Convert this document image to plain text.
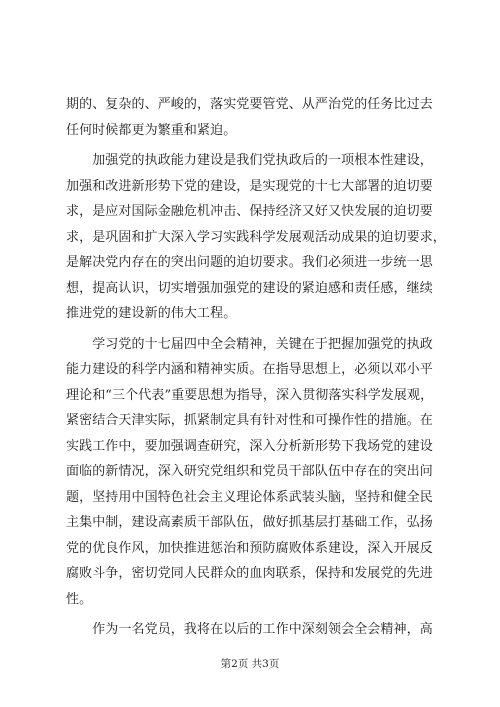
期的、复杂的、严峻的，落实党要管党、从严治党的任务比过去
任何时候都更为繁重和紧迫。

　　加强党的执政能力建设是我们党执政后的一项根本性建设，
加强和改进新形势下党的建设，是实现党的十七大部署的迫切要
求，是应对国际金融危机冲击、保持经济又好又快发展的迫切要
求，是巩固和扩大深入学习实践科学发展观活动成果的迫切要求，
是解决党内存在的突出问题的迫切要求。我们必须进一步统一思
想，提高认识，切实增强加强党的建设的紧迫感和责任感，继续
推进党的建设新的伟大工程。

　　学习党的十七届四中全会精神，关键在于把握加强党的执政
能力建设的科学内涵和精神实质。在指导思想上，必须以邓小平
理论和“三个代表”重要思想为指导，深入贯彻落实科学发展观，
紧密结合天津实际，抓紧制定具有针对性和可操作性的措施。在
实践工作中，要加强调查研究，深入分析新形势下我场党的建设
面临的新情况，深入研究党组织和党员干部队伍中存在的突出问
题，坚持用中国特色社会主义理论体系武装头脑，坚持和健全民
主集中制，建设高素质干部队伍，做好抓基层打基础工作，弘扬
党的优良作风，加快推进惩治和预防腐败体系建设，深入开展反
腐败斗争，密切党同人民群众的血肉联系，保持和发展党的先进
性。

　　作为一名党员，我将在以后的工作中深刻领会全会精神，高

第2页 共3页
